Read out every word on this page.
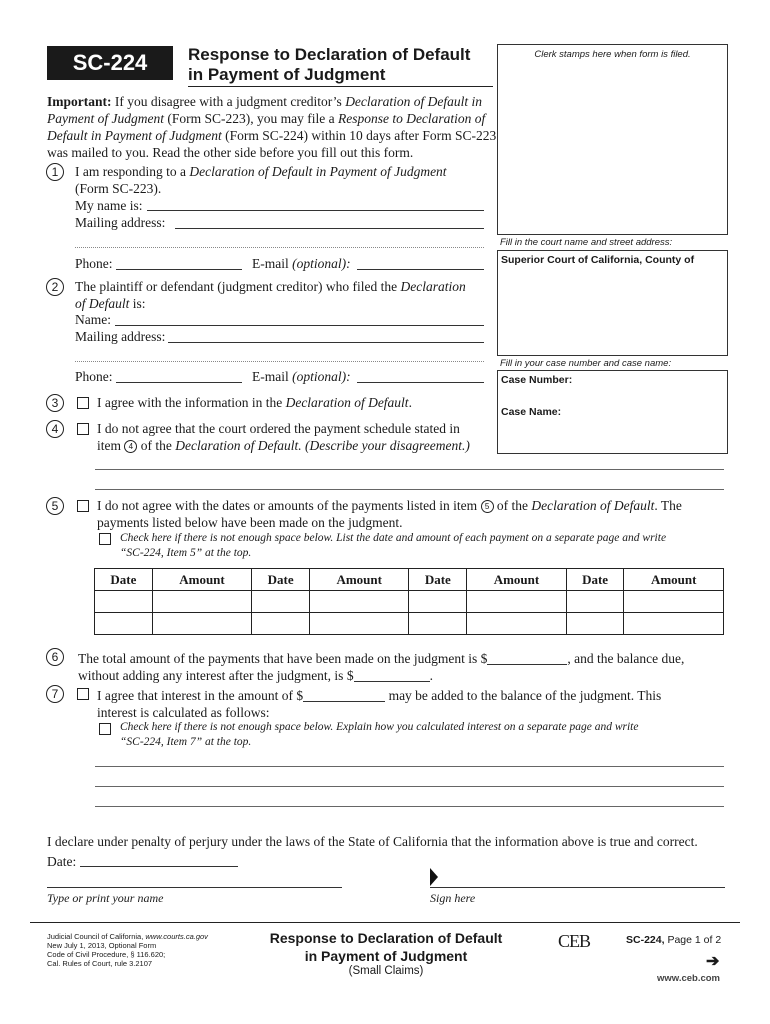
SC-224	Response to Declaration of Default
in Payment of Judgment
Clerk stamps here when form is filed.
Fill in the court name and street address:
Superior Court of California, County of
Fill in your case number and case name:
Case Number:
Case Name:
Important: If you disagree with a judgment creditor’s Declaration of Default in Payment of Judgment (Form SC-223), you may file a Response to Declaration of Default in Payment of Judgment (Form SC-224) within 10 days after Form SC-223 was mailed to you. Read the other side before you fill out this form.
1	I am responding to a Declaration of Default in Payment of Judgment
(Form SC-223).
My name is:
Mailing address:
Phone:	E-mail (optional):
2	The plaintiff or defendant (judgment creditor) who filed the Declaration
of Default is:
Name:
Mailing address:
Phone:	E-mail (optional):
3	I agree with the information in the Declaration of Default.
4	I do not agree that the court ordered the payment schedule stated in
item 4 of the Declaration of Default. (Describe your disagreement.)
5	I do not agree with the dates or amounts of the payments listed in item 5 of the Declaration of Default. The
payments listed below have been made on the judgment.
Check here if there is not enough space below. List the date and amount of each payment on a separate page and write
“SC-224, Item 5” at the top.
Date	Amount	Date	Amount	Date	Amount	Date	Amount

6	The total amount of the payments that have been made on the judgment is $	, and the balance due,
without adding any interest after the judgment, is $	.
7	I agree that interest in the amount of $	may be added to the balance of the judgment. This
interest is calculated as follows:
Check here if there is not enough space below. Explain how you calculated interest on a separate page and write
“SC-224, Item 7” at the top.
I declare under penalty of perjury under the laws of the State of California that the information above is true and correct.
Date:
Type or print your name	Sign here
Judicial Council of California, www.courts.ca.gov
New July 1, 2013, Optional Form
Code of Civil Procedure, § 116.620;
Cal. Rules of Court, rule 3.2107
Response to Declaration of Default
in Payment of Judgment
(Small Claims)
CEB	SC-224, Page 1 of 2
➔
www.ceb.com
